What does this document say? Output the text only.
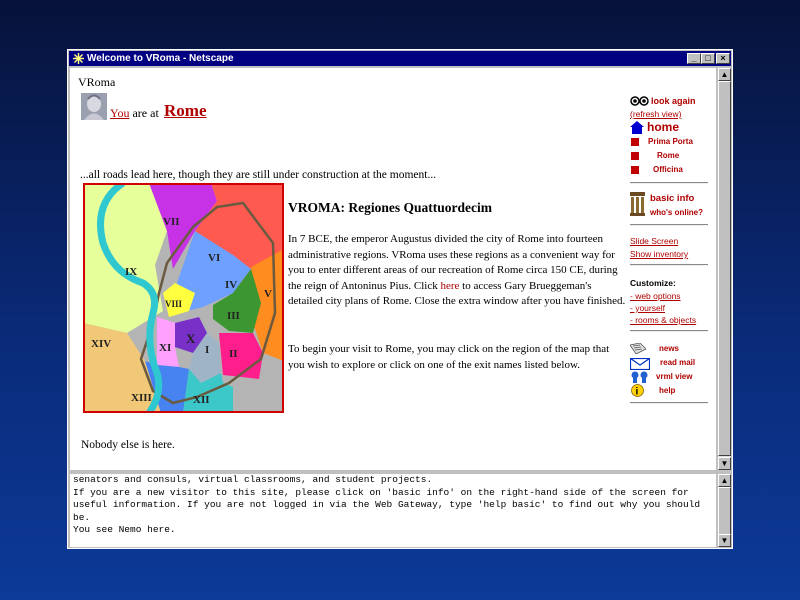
Welcome to VRoma - Netscape	_ □	×
VRoma
You are at Rome
...all roads lead here, though they are still under construction at the moment...
VII
VI
IX
V
IV
VIII
III
XIV	X
XI	I II
XIII	XII
VROMA: Regiones Quattuordecim
In 7 BCE, the emperor Augustus divided the city of Rome into fourteen administrative regions. VRoma uses these regions as a convenient way for you to enter different areas of our recreation of Rome circa 150 CE, during the reign of Antoninus Pius. Click here to access Gary Brueggeman's detailed city plans of Rome. Close the extra window after you have finished.
To begin your visit to Rome, you may click on the region of the map that you wish to explore or click on one of the exit names listed below.
Nobody else is here.
look again
(refresh view)
home
Prima Porta
Rome
Officina
basic info
who's online?
Slide Screen
Show inventory
Customize:
- web options
- yourself
- rooms & objects
news
read mail
vrml view
i	help
▲
▼
senators and consuls, virtual classrooms, and student projects.
If you are a new visitor to this site, please click on 'basic info' on the right-hand side of the screen for
useful information. If you are not logged in via the Web Gateway, type 'help basic' to find out why you should
be.
You see Nemo here.
▲
▼
